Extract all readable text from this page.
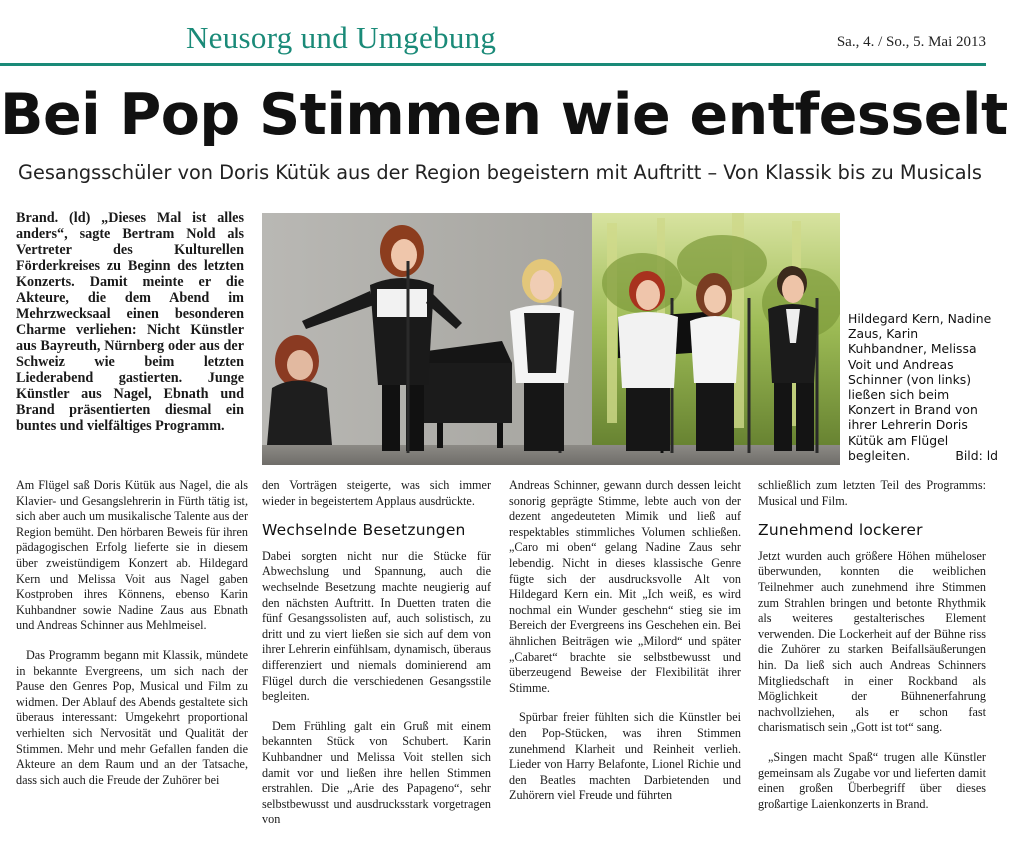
Neusorg und Umgebung	Sa., 4. / So., 5. Mai 2013
Bei Pop Stimmen wie entfesselt
Gesangsschüler von Doris Kütük aus der Region begeistern mit Auftritt – Von Klassik bis zu Musicals
Brand. (ld) „Dieses Mal ist alles anders“, sagte Bertram Nold als Vertreter des Kulturellen Förderkreises zu Beginn des letzten Konzerts. Damit meinte er die Akteure, die dem Abend im Mehrzwecksaal einen besonderen Charme verliehen: Nicht Künstler aus Bayreuth, Nürnberg oder aus der Schweiz wie beim letzten Liederabend gastierten. Junge Künstler aus Nagel, Ebnath und Brand präsentierten diesmal ein buntes und vielfältiges Programm.
Hildegard Kern, Nadine Zaus, Karin Kuhbandner, Melissa Voit und Andreas Schinner (von links) ließen sich beim Konzert in Brand von ihrer Lehrerin Doris Kütük am Flügel begleiten.	Bild: ld

Am Flügel saß Doris Kütük aus Nagel, die als Klavier- und Gesangslehrerin in Fürth tätig ist, sich aber auch um musikalische Talente aus der Region bemüht. Den hörbaren Beweis für ihren pädagogischen Erfolg lieferte sie in diesem über zweistündigem Konzert ab. Hildegard Kern und Melissa Voit aus Nagel gaben Kostproben ihres Könnens, ebenso Karin Kuhbandner sowie Nadine Zaus aus Ebnath und Andreas Schinner aus Mehlmeisel.

Das Programm begann mit Klassik, mündete in bekannte Evergreens, um sich nach der Pause den Genres Pop, Musical und Film zu widmen. Der Ablauf des Abends gestaltete sich überaus interessant: Umgekehrt proportional verhielten sich Nervosität und Qualität der Stimmen. Mehr und mehr Gefallen fanden die Akteure an dem Raum und an der Tatsache, dass sich auch die Freude der Zuhörer bei

den Vorträgen steigerte, was sich immer wieder in begeistertem Applaus ausdrückte.

Wechselnde Besetzungen

Dabei sorgten nicht nur die Stücke für Abwechslung und Spannung, auch die wechselnde Besetzung machte neugierig auf den nächsten Auftritt. In Duetten traten die fünf Gesangssolisten auf, auch solistisch, zu dritt und zu viert ließen sie sich auf dem von ihrer Lehrerin einfühlsam, dynamisch, überaus differenziert und niemals dominierend am Flügel durch die verschiedenen Gesangsstile begleiten.

Dem Frühling galt ein Gruß mit einem bekannten Stück von Schubert. Karin Kuhbandner und Melissa Voit stellen sich damit vor und ließen ihre hellen Stimmen erstrahlen. Die „Arie des Papageno“, sehr selbstbewusst und ausdrucksstark vorgetragen von

Andreas Schinner, gewann durch dessen leicht sonorig geprägte Stimme, lebte auch von der dezent angedeuteten Mimik und ließ auf respektables stimmliches Volumen schließen. „Caro mi oben“ gelang Nadine Zaus sehr lebendig. Nicht in dieses klassische Genre fügte sich der ausdrucksvolle Alt von Hildegard Kern ein. Mit „Ich weiß, es wird nochmal ein Wunder geschehn“ stieg sie im Bereich der Evergreens ins Geschehen ein. Bei ähnlichen Beiträgen wie „Milord“ und später „Cabaret“ brachte sie selbstbewusst und überzeugend Beweise der Flexibilität ihrer Stimme.

Spürbar freier fühlten sich die Künstler bei den Pop-Stücken, was ihren Stimmen zunehmend Klarheit und Reinheit verlieh. Lieder von Harry Belafonte, Lionel Richie und den Beatles machten Darbietenden und Zuhörern viel Freude und führten

schließlich zum letzten Teil des Programms: Musical und Film.

Zunehmend lockerer

Jetzt wurden auch größere Höhen müheloser überwunden, konnten die weiblichen Teilnehmer auch zunehmend ihre Stimmen zum Strahlen bringen und betonte Rhythmik als weiteres gestalterisches Element verwenden. Die Lockerheit auf der Bühne riss die Zuhörer zu starken Beifallsäußerungen hin. Da ließ sich auch Andreas Schinners Mitgliedschaft in einer Rockband als Möglichkeit der Bühnenerfahrung nachvollziehen, als er schon fast charismatisch sein „Gott ist tot“ sang.

„Singen macht Spaß“ trugen alle Künstler gemeinsam als Zugabe vor und lieferten damit einen großen Überbegriff über dieses großartige Laienkonzerts in Brand.
